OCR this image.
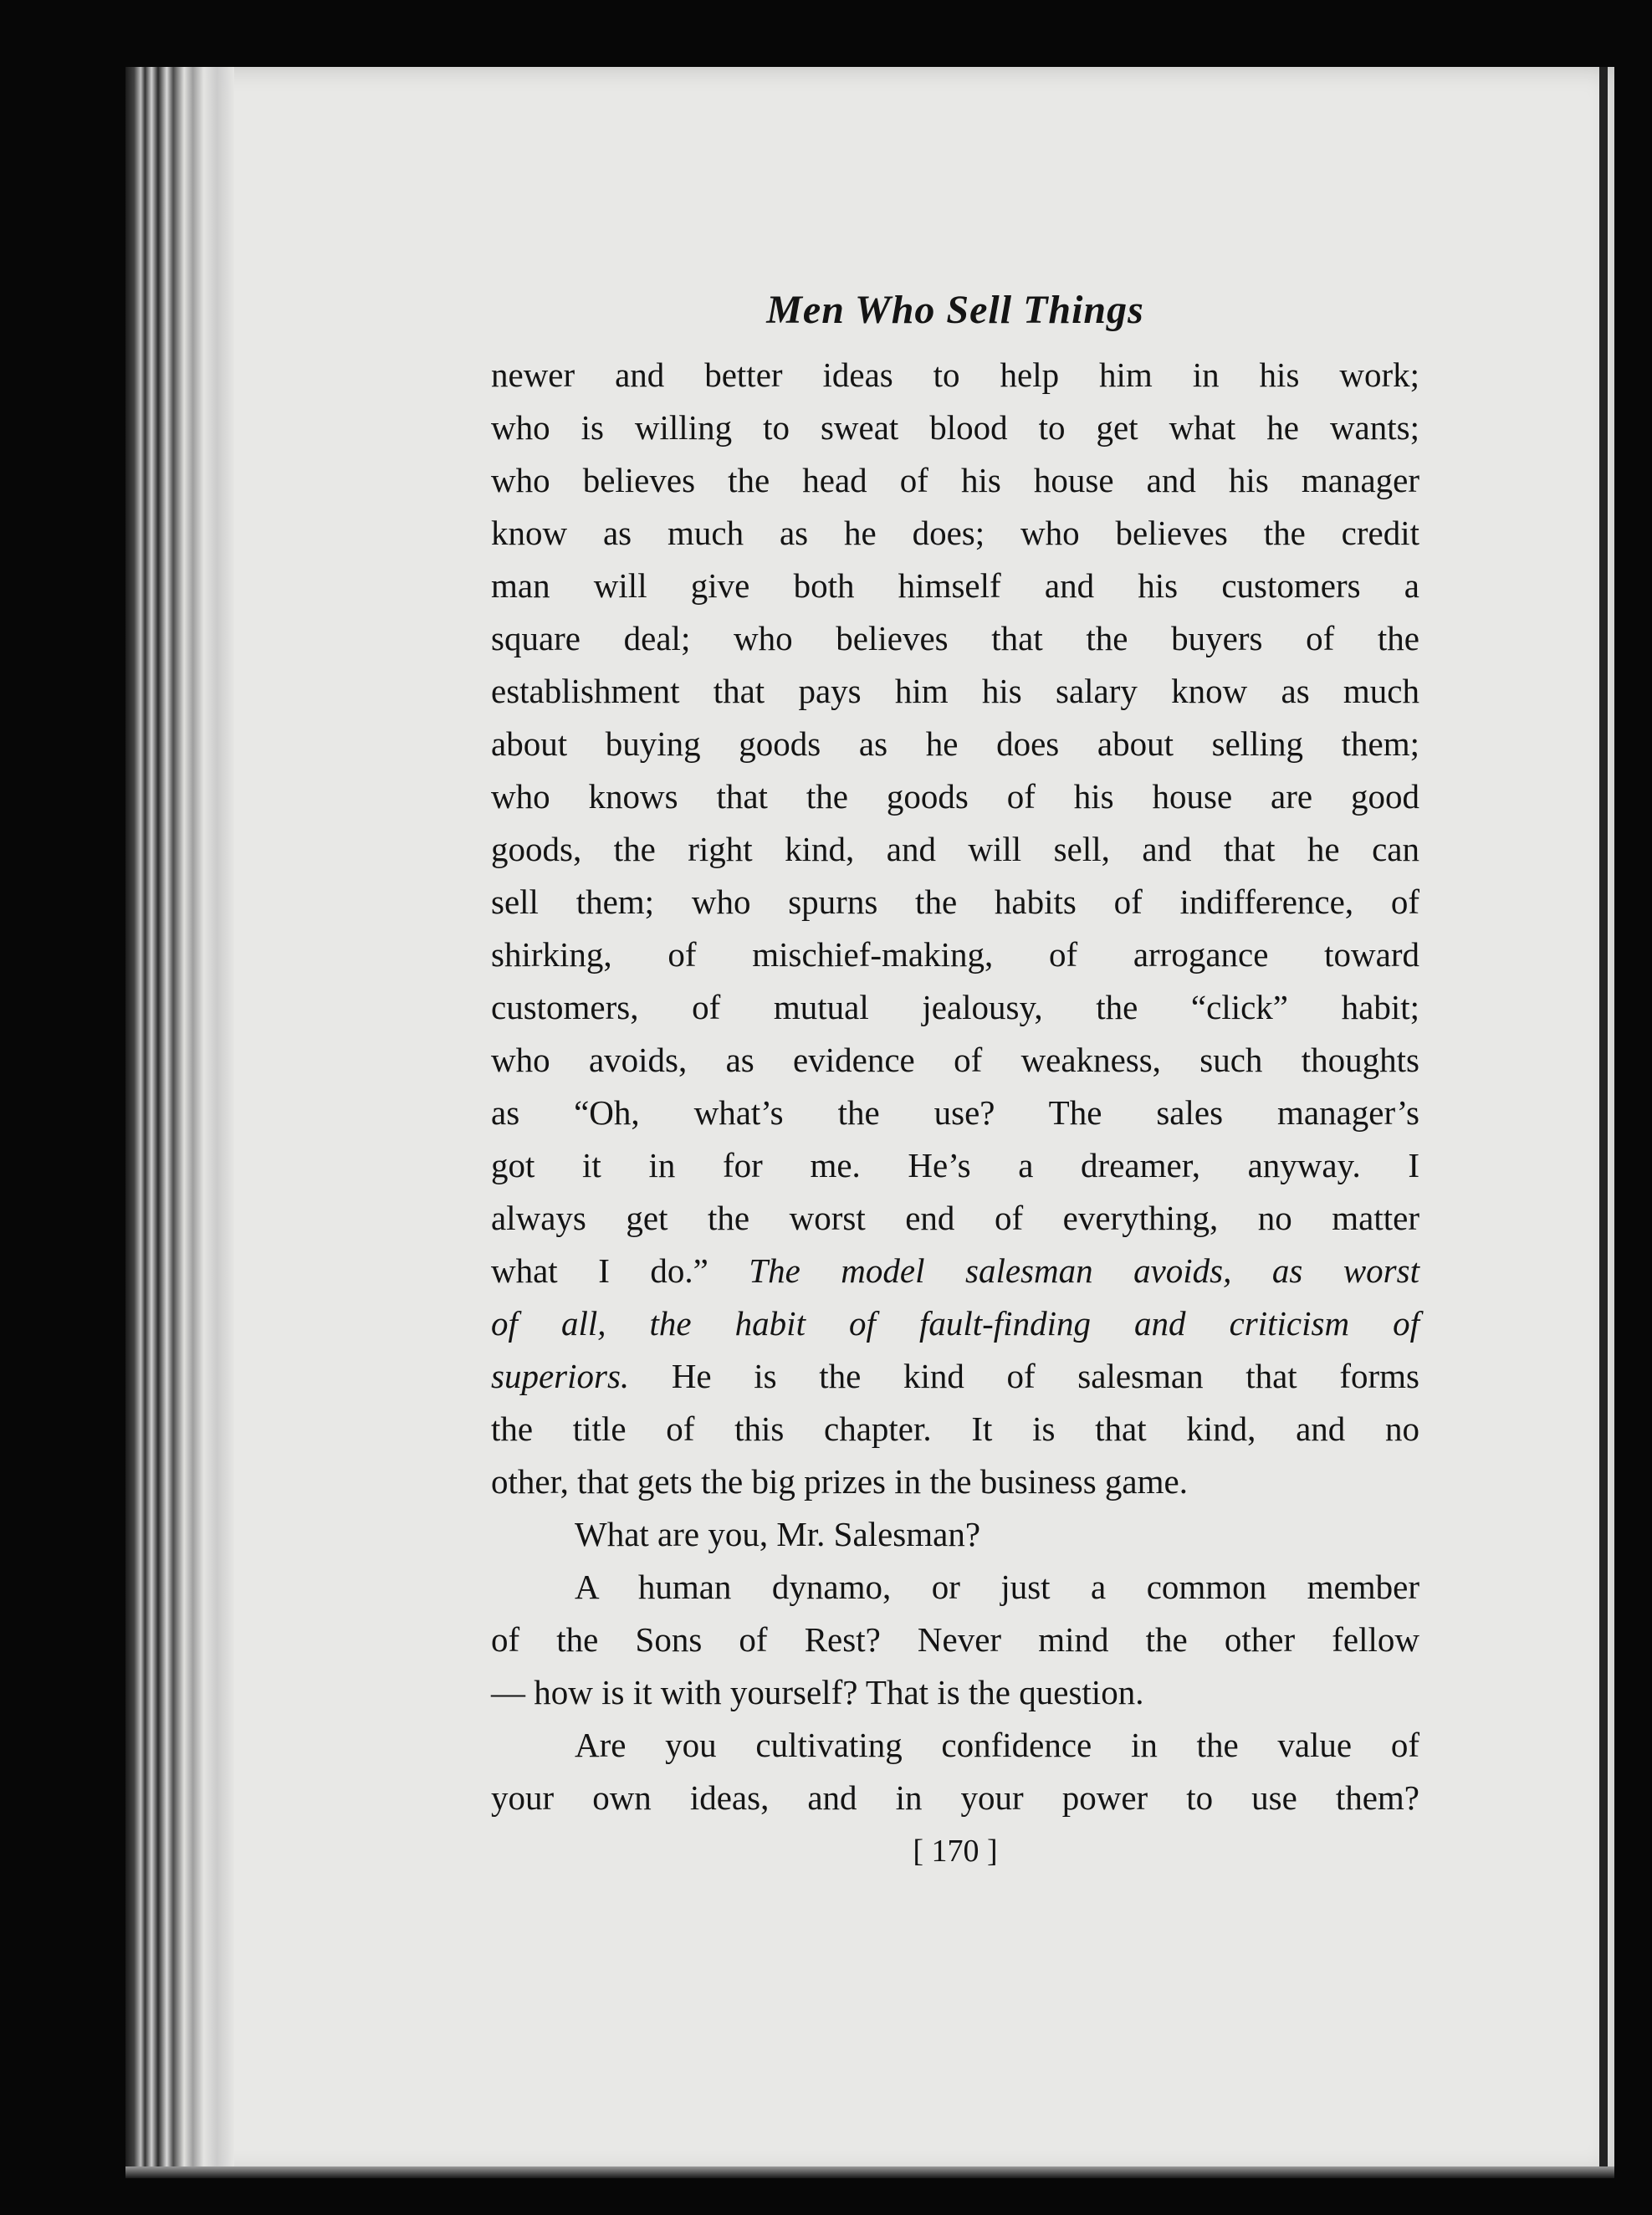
Men Who Sell Things
newer and better ideas to help him in his work;
who is willing to sweat blood to get what he wants;
who believes the head of his house and his manager
know as much as he does; who believes the credit
man will give both himself and his customers a
square deal; who believes that the buyers of the
establishment that pays him his salary know as much
about buying goods as he does about selling them;
who knows that the goods of his house are good
goods, the right kind, and will sell, and that he can
sell them; who spurns the habits of indifference, of
shirking, of mischief-making, of arrogance toward
customers, of mutual jealousy, the “click” habit;
who avoids, as evidence of weakness, such thoughts
as “Oh, what’s the use? The sales manager’s
got it in for me. He’s a dreamer, anyway. I
always get the worst end of everything, no matter
what I do.” The model salesman avoids, as worst
of all, the habit of fault-finding and criticism of
superiors. He is the kind of salesman that forms
the title of this chapter. It is that kind, and no
other, that gets the big prizes in the business game.
What are you, Mr. Salesman?
A human dynamo, or just a common member
of the Sons of Rest? Never mind the other fellow
— how is it with yourself? That is the question.
Are you cultivating confidence in the value of
your own ideas, and in your power to use them?
[ 170 ]
